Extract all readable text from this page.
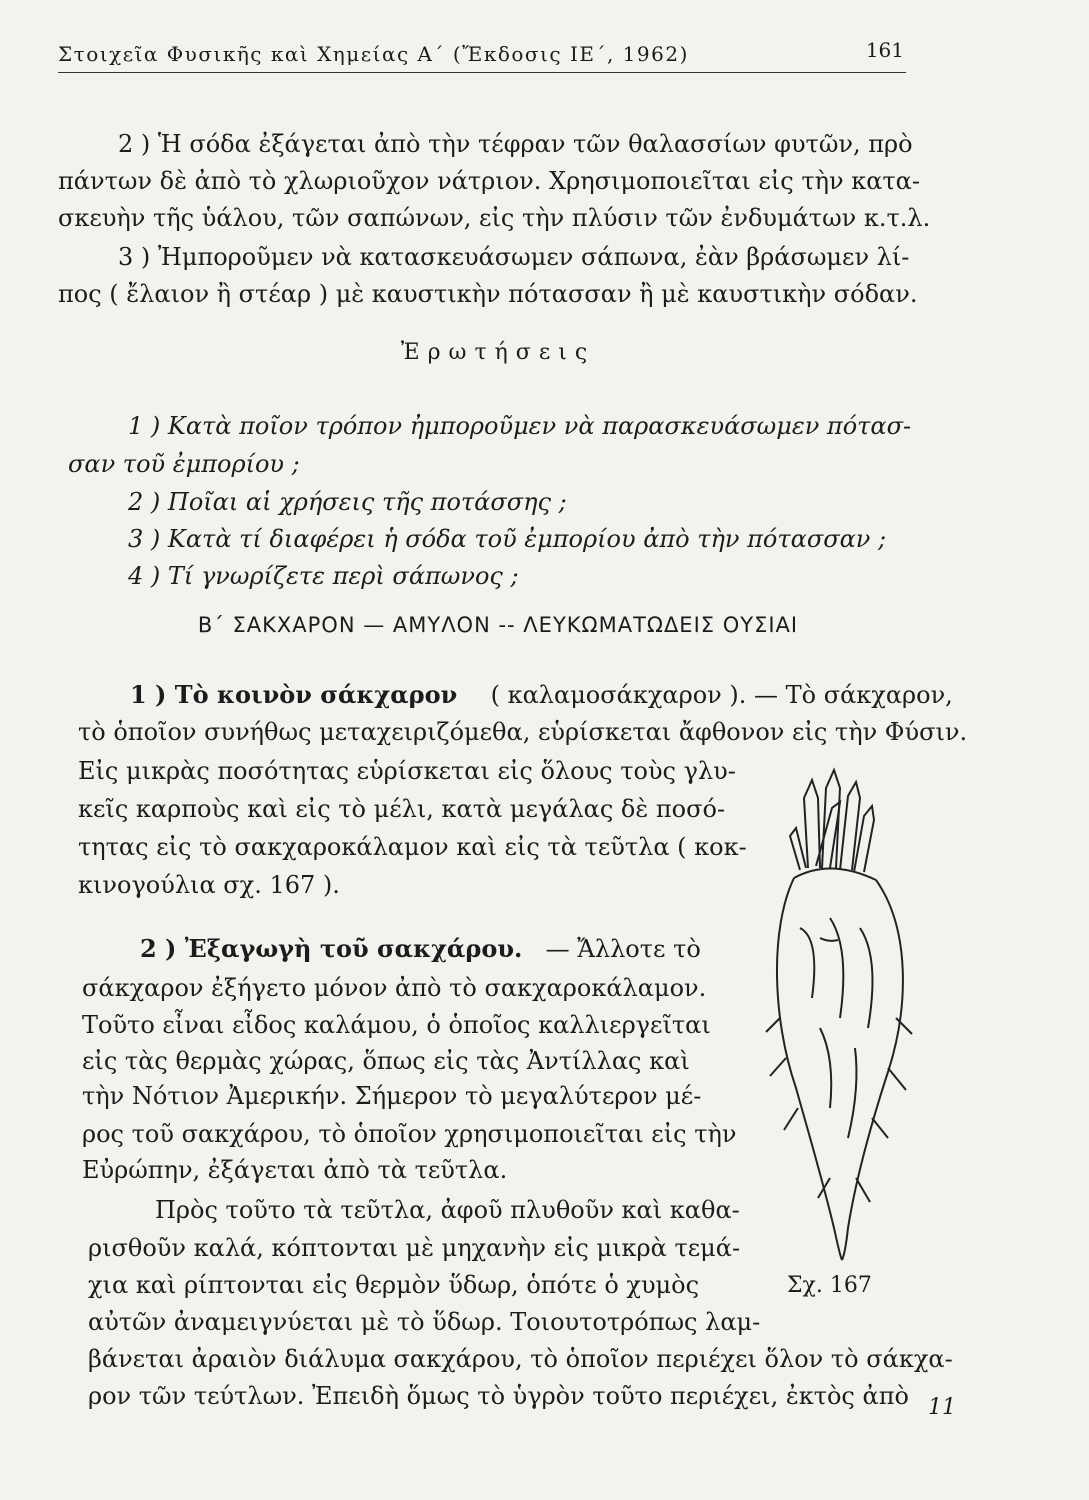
Στοιχεῖα Φυσικῆς καὶ Χημείας Α΄ (Ἔκδοσις ΙΕ΄, 1962)	161

2 ) Ἡ σόδα ἐξάγεται ἀπὸ τὴν τέφραν τῶν θαλασσίων φυτῶν, πρὸ

πάντων δὲ ἀπὸ τὸ χλωριοῦχον νάτριον. Χρησιμοποιεῖται εἰς τὴν κατα-

σκευὴν τῆς ὑάλου, τῶν σαπώνων, εἰς τὴν πλύσιν τῶν ἐνδυμάτων κ.τ.λ.

3 ) Ἠμποροῦμεν νὰ κατασκευάσωμεν σάπωνα, ἐὰν βράσωμεν λί-

πος ( ἔλαιον ἢ στέαρ ) μὲ καυστικὴν πότασσαν ἢ μὲ καυστικὴν σόδαν.

Ἐρωτήσεις

1 ) Κατὰ ποῖον τρόπον ἠμποροῦμεν νὰ παρασκευάσωμεν πότασ-

σαν τοῦ ἐμπορίου ;

2 ) Ποῖαι αἱ χρήσεις τῆς ποτάσσης ;

3 ) Κατὰ τί διαφέρει ἡ σόδα τοῦ ἐμπορίου ἀπὸ τὴν πότασσαν ;

4 ) Τί γνωρίζετε περὶ σάπωνος ;

Β΄ ΣΑΚΧΑΡΟΝ — ΑΜΥΛΟΝ -- ΛΕΥΚΩΜΑΤΩΔΕΙΣ ΟΥΣΙΑΙ

1 ) Τὸ κοινὸν σάκχαρον ( καλαμοσάκχαρον ). — Τὸ σάκχαρον,

τὸ ὁποῖον συνήθως μεταχειριζόμεθα, εὑρίσκεται ἄφθονον εἰς τὴν Φύσιν.

Εἰς μικρὰς ποσότητας εὑρίσκεται εἰς ὅλους τοὺς γλυ-

κεῖς καρποὺς καὶ εἰς τὸ μέλι, κατὰ μεγάλας δὲ ποσό-

τητας εἰς τὸ σακχαροκάλαμον καὶ εἰς τὰ τεῦτλα ( κοκ-

κινογούλια σχ. 167 ).

2 ) Ἐξαγωγὴ τοῦ σακχάρου. — Ἄλλοτε τὸ

σάκχαρον ἐξήγετο μόνον ἀπὸ τὸ σακχαροκάλαμον.

Τοῦτο εἶναι εἶδος καλάμου, ὁ ὁποῖος καλλιεργεῖται

εἰς τὰς θερμὰς χώρας, ὅπως εἰς τὰς Ἀντίλλας καὶ

τὴν Νότιον Ἀμερικήν. Σήμερον τὸ μεγαλύτερον μέ-

ρος τοῦ σακχάρου, τὸ ὁποῖον χρησιμοποιεῖται εἰς τὴν

Εὐρώπην, ἐξάγεται ἀπὸ τὰ τεῦτλα.

Πρὸς τοῦτο τὰ τεῦτλα, ἀφοῦ πλυθοῦν καὶ καθα-

ρισθοῦν καλά, κόπτονται μὲ μηχανὴν εἰς μικρὰ τεμά-

χια καὶ ρίπτονται εἰς θερμὸν ὕδωρ, ὁπότε ὁ χυμὸς

αὐτῶν ἀναμειγνύεται μὲ τὸ ὕδωρ. Τοιουτοτρόπως λαμ-

βάνεται ἀραιὸν διάλυμα σακχάρου, τὸ ὁποῖον περιέχει ὅλον τὸ σάκχα-

ρον τῶν τεύτλων. Ἐπειδὴ ὅμως τὸ ὑγρὸν τοῦτο περιέχει, ἐκτὸς ἀπὸ

Σχ. 167
11
